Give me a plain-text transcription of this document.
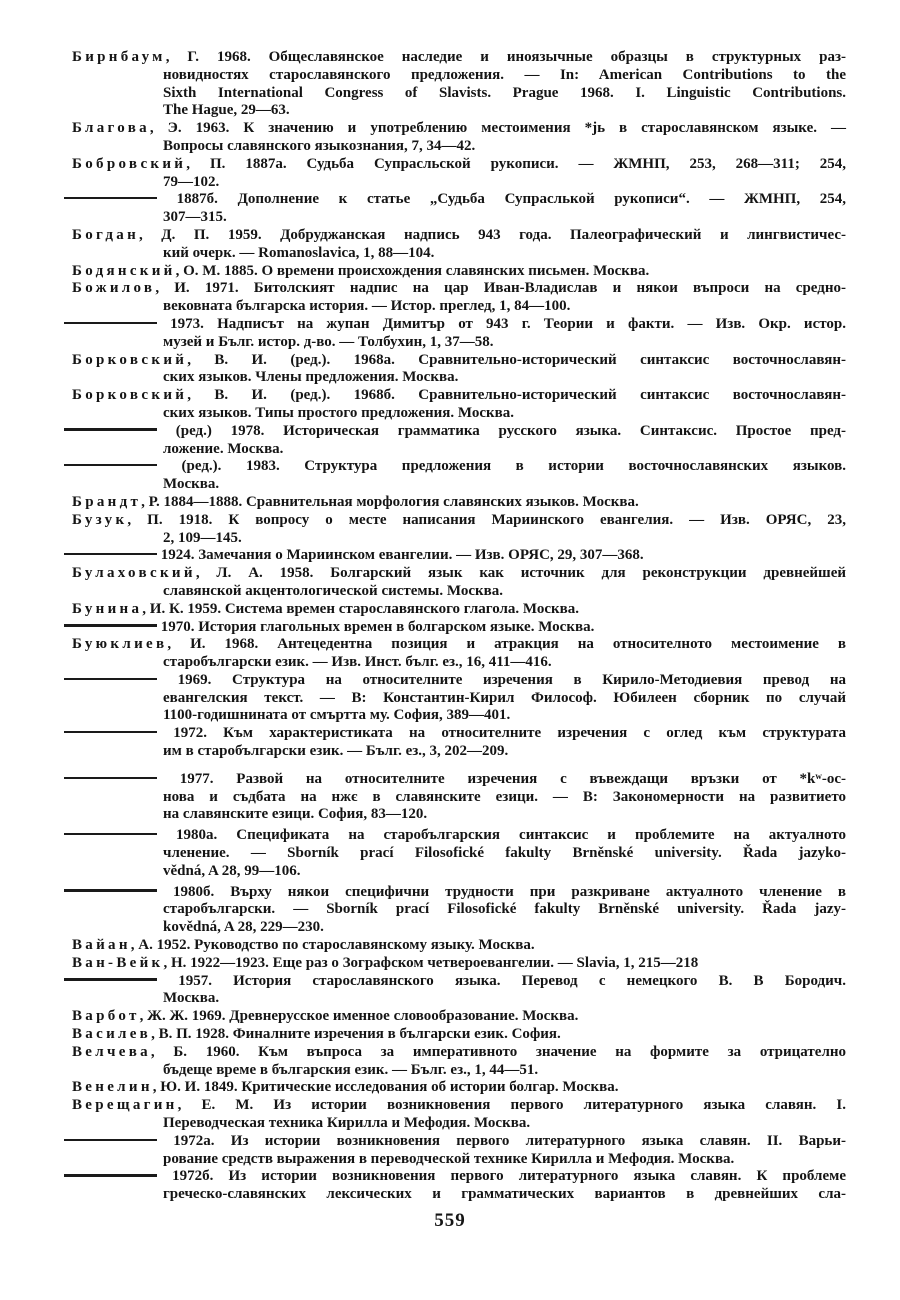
Бирнбаум, Г. 1968. Общеславянское наследие и иноязычные образцы в структурных раз-
новидностях старославянского предложения. — In: American Contributions to the
Sixth International Congress of Slavists. Prague 1968. I. Linguistic Contributions.
The Hague, 29—63.
Благова, Э. 1963. К значению и употреблению местоимения *jь в старославянском языке. —
Вопросы славянского языкознания, 7, 34—42.
Бобровский, П. 1887а. Судьба Супрасльской рукописи. — ЖМНП, 253, 268—311; 254,
79—102.
1887б. Дополнение к статье „Судьба Супраслькой рукописи“. — ЖМНП, 254,
307—315.
Богдан, Д. П. 1959. Добруджанская надпись 943 года. Палеографический и лингвистичес-
кий очерк. — Romanoslavica, 1, 88—104.
Бодянский, О. М. 1885. О времени происхождения славянских письмен. Москва.
Божилов, И. 1971. Битолският надпис на цар Иван-Владислав и някои въпроси на средно-
вековната българска история. — Истор. преглед, 1, 84—100.
1973. Надписът на жупан Димитър от 943 г. Теории и факти. — Изв. Окр. истор.
музей и Бълг. истор. д-во. — Толбухин, 1, 37—58.
Борковский, В. И. (ред.). 1968а. Сравнительно-исторический синтаксис восточнославян-
ских языков. Члены предложения. Москва.
Борковский, В. И. (ред.). 1968б. Сравнительно-исторический синтаксис восточнославян-
ских языков. Типы простого предложения. Москва.
(ред.) 1978. Историческая грамматика русского языка. Синтаксис. Простое пред-
ложение. Москва.
(ред.). 1983. Структура предложения в истории восточнославянских языков.
Москва.
Брандт, Р. 1884—1888. Сравнительная морфология славянских языков. Москва.
Бузук, П. 1918. К вопросу о месте написания Мариинского евангелия. — Изв. ОРЯС, 23,
2, 109—145.
1924. Замечания о Мариинском евангелии. — Изв. ОРЯС, 29, 307—368.
Булаховский, Л. А. 1958. Болгарский язык как источник для реконструкции древнейшей
славянской акцентологической системы. Москва.
Бунина, И. К. 1959. Система времен старославянского глагола. Москва.
1970. История глагольных времен в болгарском языке. Москва.
Буюклиев, И. 1968. Антецедентна позиция и атракция на относителното местоимение в
старобългарски език. — Изв. Инст. бълг. ез., 16, 411—416.
1969. Структура на относителните изречения в Кирило-Методиевия превод на
евангелския текст. — В: Константин-Кирил Философ. Юбилеен сборник по случай
1100-годишнината от смъртта му. София, 389—401.
1972. Към характеристиката на относителните изречения с оглед към структурата
им в старобългарски език. — Бълг. ез., 3, 202—209.
1977. Развой на относителните изречения с въвеждащи връзки от *kʷ-ос-
нова и съдбата на нжє в славянските езици. — В: Закономерности на развитието
на славянските езици. София, 83—120.
1980а. Спецификата на старобългарския синтаксис и проблемите на актуалното
членение. — Sborník prací Filosofické fakulty Brněnské university. Řada jazyko-
vědná, A 28, 99—106.
1980б. Върху някои специфични трудности при разкриване актуалното членение в
старобългарски. — Sborník prací Filosofické fakulty Brněnské university. Řada jazy-
kovědná, A 28, 229—230.
Вайан, А. 1952. Руководство по старославянскому языку. Москва.
Ван-Вейк, Н. 1922—1923. Еще раз о Зографском четвероевангелии. — Slavia, 1, 215—218
1957. История старославянского языка. Перевод с немецкого В. В Бородич.
Москва.
Варбот, Ж. Ж. 1969. Древнерусское именное словообразование. Москва.
Василев, В. П. 1928. Финалните изречения в български език. София.
Велчева, Б. 1960. Към въпроса за императивното значение на формите за отрицателно
бъдеще време в българския език. — Бълг. ез., 1, 44—51.
Венелин, Ю. И. 1849. Критические исследования об истории болгар. Москва.
Верещагин, Е. М. Из истории возникновения первого литературного языка славян. I.
Переводческая техника Кирилла и Мефодия. Москва.
1972а. Из истории возникновения первого литературного языка славян. II. Варьи-
рование средств выражения в переводческой технике Кирилла и Мефодия. Москва.
1972б. Из истории возникновения первого литературного языка славян. К проблеме
греческо-славянских лексических и грамматических вариантов в древнейших сла-
559
